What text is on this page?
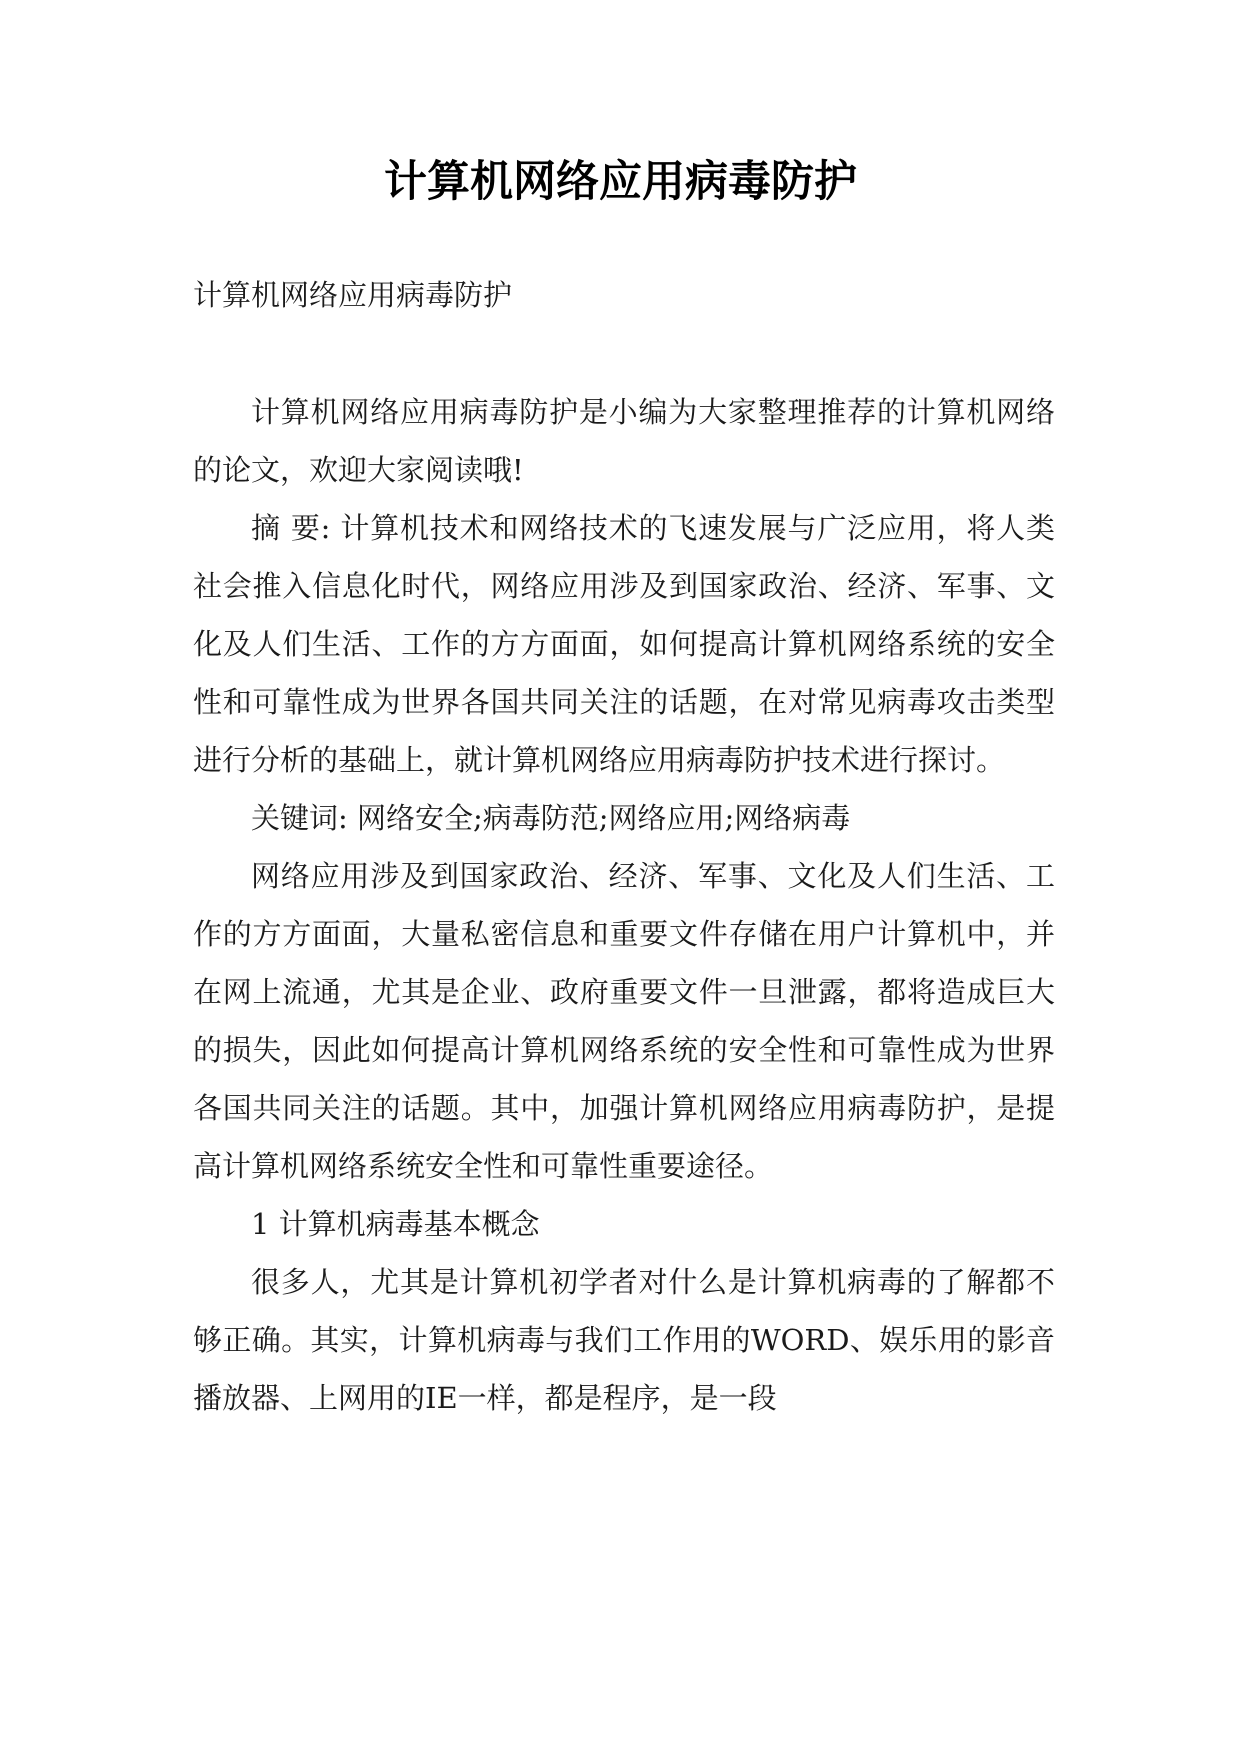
计算机网络应用病毒防护

计算机网络应用病毒防护

计算机网络应用病毒防护是小编为大家整理推荐的计算机网络的论文，欢迎大家阅读哦!

摘 要: 计算机技术和网络技术的飞速发展与广泛应用，将人类社会推入信息化时代，网络应用涉及到国家政治、经济、军事、文化及人们生活、工作的方方面面，如何提高计算机网络系统的安全性和可靠性成为世界各国共同关注的话题，在对常见病毒攻击类型进行分析的基础上，就计算机网络应用病毒防护技术进行探讨。

关键词: 网络安全;病毒防范;网络应用;网络病毒

网络应用涉及到国家政治、经济、军事、文化及人们生活、工作的方方面面，大量私密信息和重要文件存储在用户计算机中，并在网上流通，尤其是企业、政府重要文件一旦泄露，都将造成巨大的损失，因此如何提高计算机网络系统的安全性和可靠性成为世界各国共同关注的话题。其中，加强计算机网络应用病毒防护，是提高计算机网络系统安全性和可靠性重要途径。

1 计算机病毒基本概念

很多人，尤其是计算机初学者对什么是计算机病毒的了解都不够正确。其实，计算机病毒与我们工作用的WORD、娱乐用的影音播放器、上网用的IE一样，都是程序，是一段
